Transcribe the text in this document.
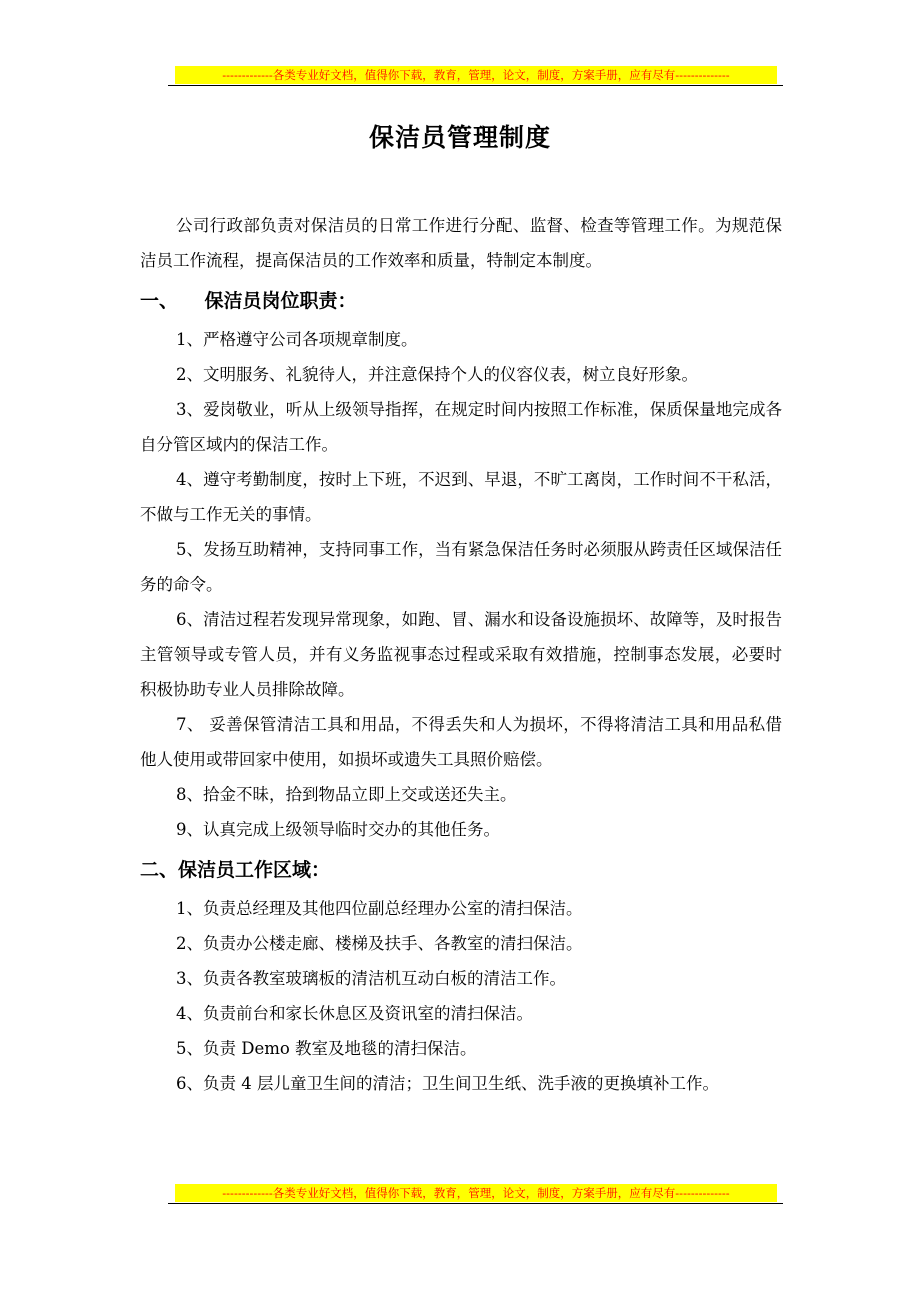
-------------各类专业好文档，值得你下载，教育，管理，论文，制度，方案手册，应有尽有--------------
保洁员管理制度

公司行政部负责对保洁员的日常工作进行分配、监督、检查等管理工作。为规范保洁员工作流程，提高保洁员的工作效率和质量，特制定本制度。

一、    保洁员岗位职责：

1、严格遵守公司各项规章制度。

2、文明服务、礼貌待人，并注意保持个人的仪容仪表，树立良好形象。

3、爱岗敬业，听从上级领导指挥，在规定时间内按照工作标准，保质保量地完成各自分管区域内的保洁工作。

4、遵守考勤制度，按时上下班，不迟到、早退，不旷工离岗，工作时间不干私活，不做与工作无关的事情。

5、发扬互助精神，支持同事工作，当有紧急保洁任务时必须服从跨责任区域保洁任务的命令。

6、清洁过程若发现异常现象，如跑、冒、漏水和设备设施损坏、故障等，及时报告主管领导或专管人员，并有义务监视事态过程或采取有效措施，控制事态发展，必要时积极协助专业人员排除故障。

7、 妥善保管清洁工具和用品，不得丢失和人为损坏，不得将清洁工具和用品私借他人使用或带回家中使用，如损坏或遗失工具照价赔偿。

8、拾金不昧，拾到物品立即上交或送还失主。

9、认真完成上级领导临时交办的其他任务。

二、保洁员工作区域：

1、负责总经理及其他四位副总经理办公室的清扫保洁。

2、负责办公楼走廊、楼梯及扶手、各教室的清扫保洁。

3、负责各教室玻璃板的清洁机互动白板的清洁工作。

4、负责前台和家长休息区及资讯室的清扫保洁。

5、负责 Demo 教室及地毯的清扫保洁。

6、负责 4 层儿童卫生间的清洁；卫生间卫生纸、洗手液的更换填补工作。

-------------各类专业好文档，值得你下载，教育，管理，论文，制度，方案手册，应有尽有--------------
